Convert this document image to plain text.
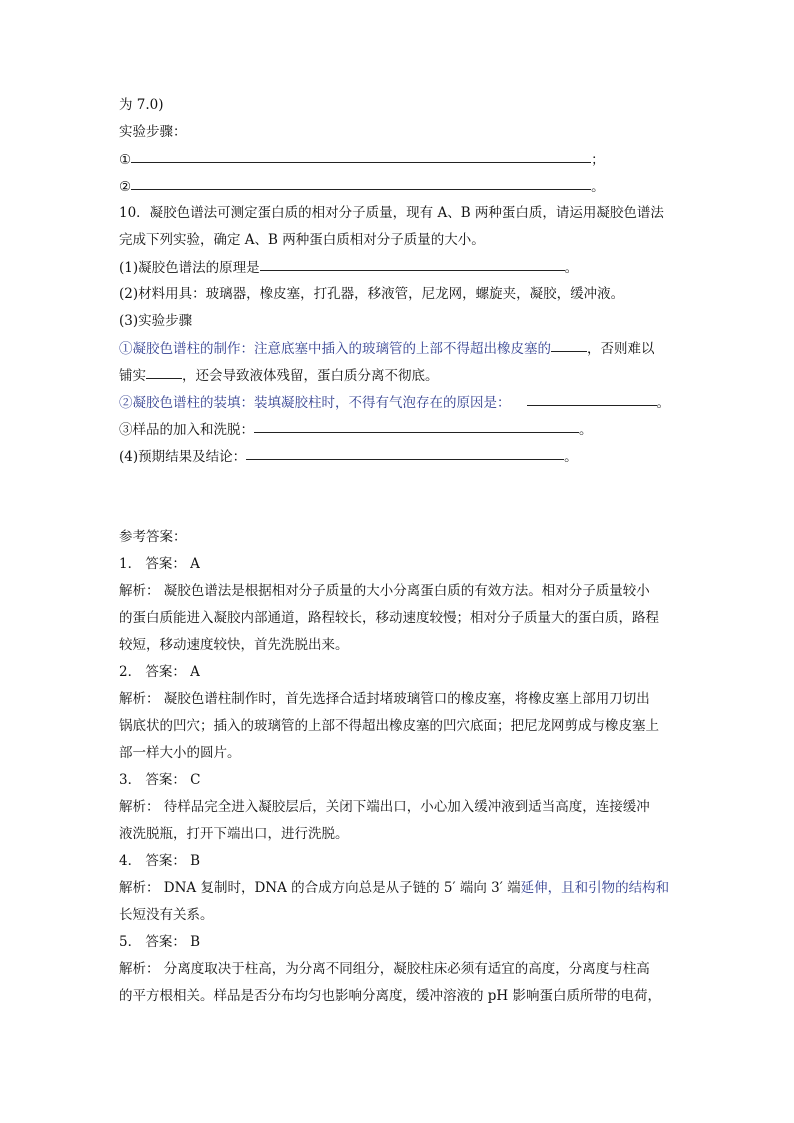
为 7.0)
实验步骤：
①	；
②	。
10．凝胶色谱法可测定蛋白质的相对分子质量，现有 A、B 两种蛋白质，请运用凝胶色谱法
完成下列实验，确定 A、B 两种蛋白质相对分子质量的大小。
(1)凝胶色谱法的原理是	。
(2)材料用具：玻璃器，橡皮塞，打孔器，移液管，尼龙网，螺旋夹，凝胶，缓冲液。
(3)实验步骤
①凝胶色谱柱的制作：注意底塞中插入的玻璃管的上部不得超出橡皮塞的	，否则难以
铺实	，还会导致液体残留，蛋白质分离不彻底。
②凝胶色谱柱的装填：装填凝胶柱时，不得有气泡存在的原因是：	。
③样品的加入和洗脱：	。
(4)预期结果及结论：	。
参考答案：
1． 答案： A
解析： 凝胶色谱法是根据相对分子质量的大小分离蛋白质的有效方法。相对分子质量较小
的蛋白质能进入凝胶内部通道，路程较长，移动速度较慢；相对分子质量大的蛋白质，路程
较短，移动速度较快，首先洗脱出来。
2． 答案： A
解析： 凝胶色谱柱制作时，首先选择合适封堵玻璃管口的橡皮塞，将橡皮塞上部用刀切出
锅底状的凹穴；插入的玻璃管的上部不得超出橡皮塞的凹穴底面；把尼龙网剪成与橡皮塞上
部一样大小的圆片。
3． 答案： C
解析： 待样品完全进入凝胶层后，关闭下端出口，小心加入缓冲液到适当高度，连接缓冲
液洗脱瓶，打开下端出口，进行洗脱。
4． 答案： B
解析： DNA 复制时，DNA 的合成方向总是从子链的 5′ 端向 3′ 端延伸，且和引物的结构和
长短没有关系。
5． 答案： B
解析： 分离度取决于柱高，为分离不同组分，凝胶柱床必须有适宜的高度，分离度与柱高
的平方根相关。样品是否分布均匀也影响分离度，缓冲溶液的 pH 影响蛋白质所带的电荷，
